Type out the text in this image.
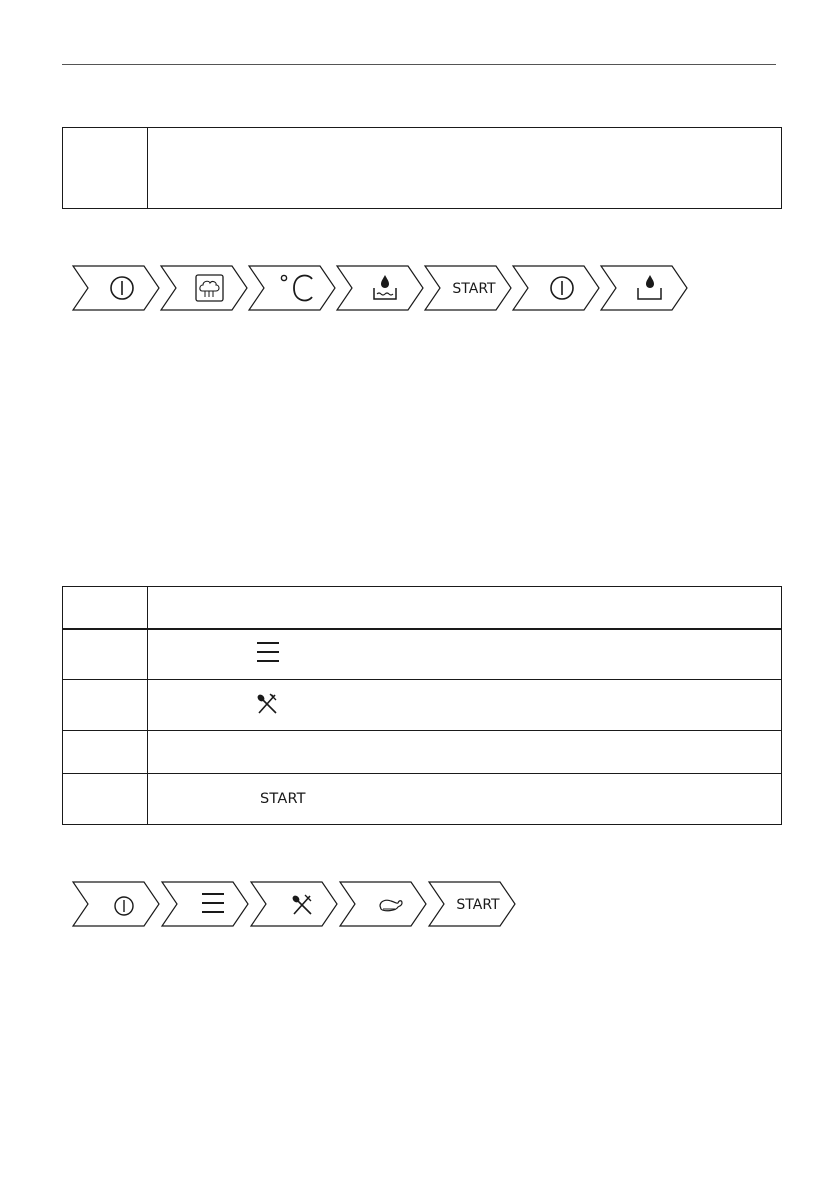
START
START
START
